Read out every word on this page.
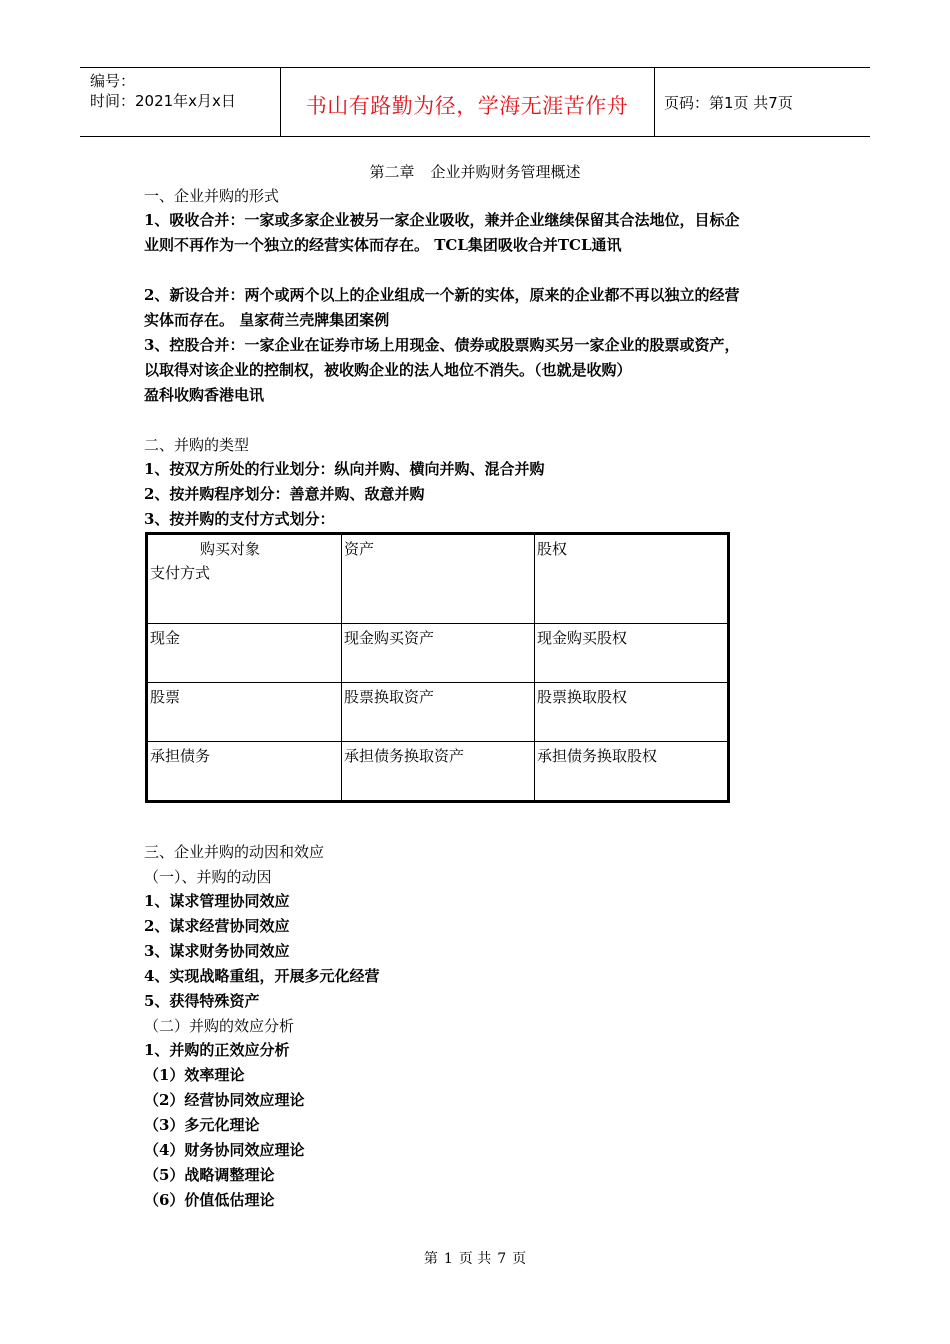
编号：
时间：2021年x月x日	书山有路勤为径，学海无涯苦作舟	页码：第1页 共7页
第二章 企业并购财务管理概述
一、企业并购的形式
1、吸收合并：一家或多家企业被另一家企业吸收，兼并企业继续保留其合法地位，目标企
业则不再作为一个独立的经营实体而存在。 TCL集团吸收合并TCL通讯
2、新设合并：两个或两个以上的企业组成一个新的实体，原来的企业都不再以独立的经营
实体而存在。 皇家荷兰壳牌集团案例
3、控股合并：一家企业在证券市场上用现金、债券或股票购买另一家企业的股票或资产，
以取得对该企业的控制权，被收购企业的法人地位不消失。（也就是收购）
盈科收购香港电讯
二、并购的类型
1、按双方所处的行业划分：纵向并购、横向并购、混合并购
2、按并购程序划分：善意并购、敌意并购
3、按并购的支付方式划分：
购买对象
支付方式	资产	股权
现金	现金购买资产	现金购买股权
股票	股票换取资产	股票换取股权
承担债务	承担债务换取资产	承担债务换取股权
三、企业并购的动因和效应
（一）、并购的动因
1、谋求管理协同效应
2、谋求经营协同效应
3、谋求财务协同效应
4、实现战略重组，开展多元化经营
5、获得特殊资产
（二）并购的效应分析
1、并购的正效应分析
（1）效率理论
（2）经营协同效应理论
（3）多元化理论
（4）财务协同效应理论
（5）战略调整理论
（6）价值低估理论
第 1 页 共 7 页
